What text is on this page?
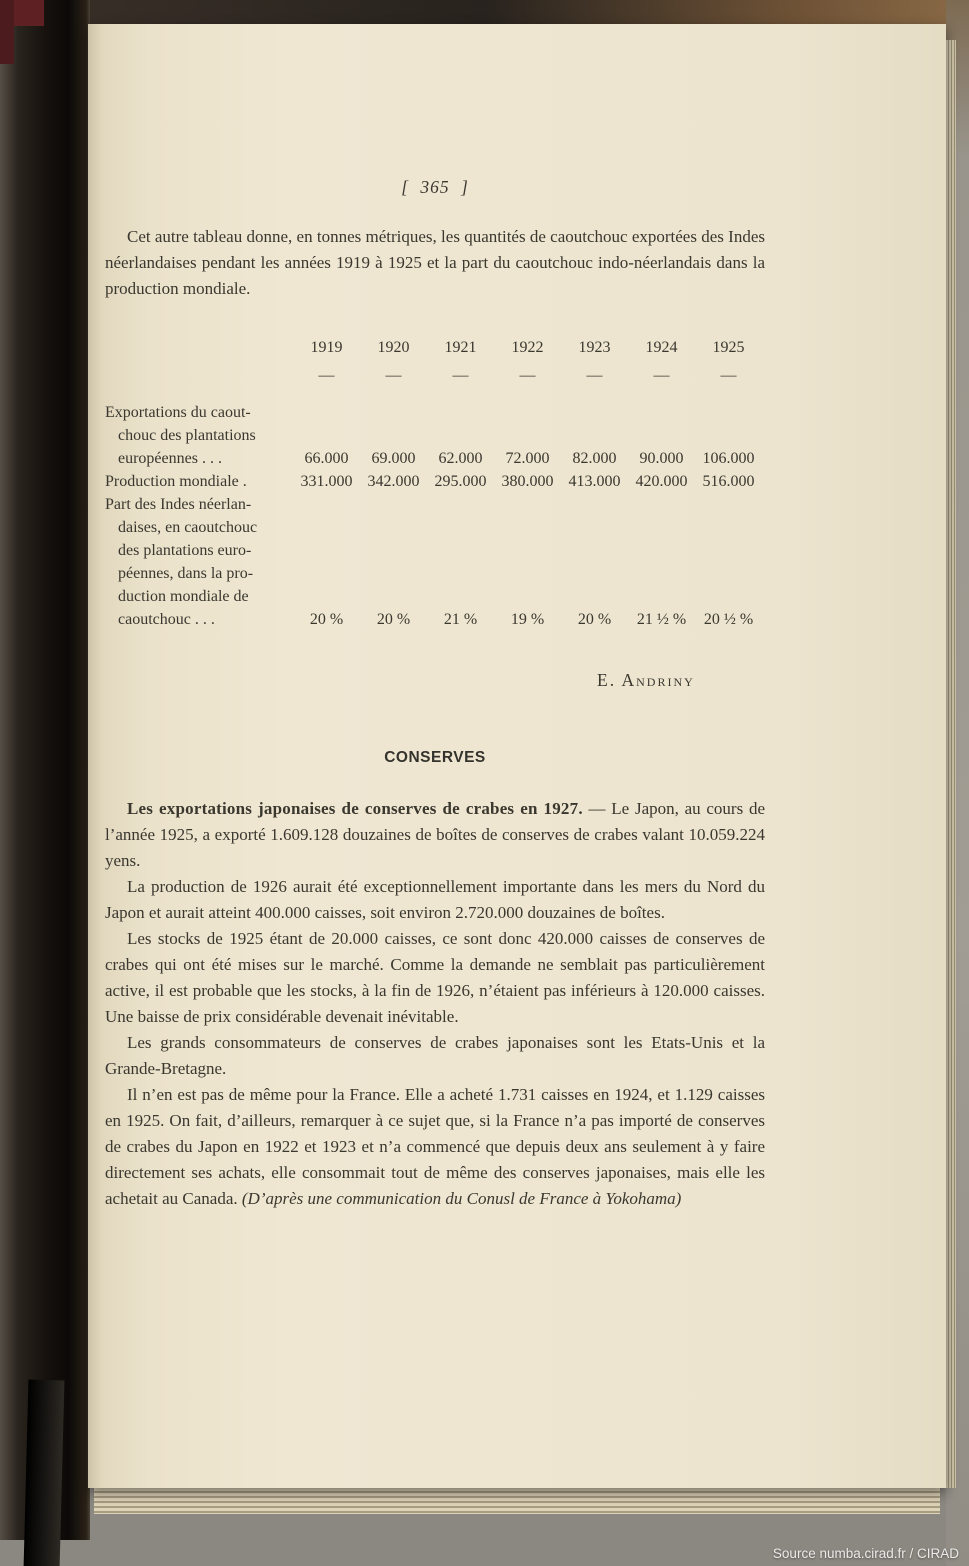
[ 365 ]

Cet autre tableau donne, en tonnes métriques, les quantités de caoutchouc exportées des Indes néerlandaises pendant les années 1919 à 1925 et la part du caoutchouc indo-néerlandais dans la production mondiale.

1919	1920	1921	1922	1923	1924	1925
—	—	—	—	—	—	—
Exportations du caout-
chouc des plantations
européennes . . .	66.000	69.000	62.000	72.000	82.000	90.000	106.000
Production mondiale .	331.000 342.000 295.000 380.000 413.000 420.000 516.000
Part des Indes néerlan-
daises, en caoutchouc
des plantations euro-
péennes, dans la pro-
duction mondiale de
caoutchouc . . .	20 %	20 %	21 %	19 %	20 %	21 ½ %	20 ½ %
E. Andriny
CONSERVES

Les exportations japonaises de conserves de crabes en 1927. — Le Japon, au cours de l’année 1925, a exporté 1.609.128 douzaines de boîtes de conserves de crabes valant 10.059.224 yens.

La production de 1926 aurait été exceptionnellement importante dans les mers du Nord du Japon et aurait atteint 400.000 caisses, soit environ 2.720.000 douzaines de boîtes.

Les stocks de 1925 étant de 20.000 caisses, ce sont donc 420.000 caisses de conserves de crabes qui ont été mises sur le marché. Comme la demande ne semblait pas particulièrement active, il est probable que les stocks, à la fin de 1926, n’étaient pas inférieurs à 120.000 caisses. Une baisse de prix considérable devenait inévitable.

Les grands consommateurs de conserves de crabes japonaises sont les Etats-Unis et la Grande-Bretagne.

Il n’en est pas de même pour la France. Elle a acheté 1.731 caisses en 1924, et 1.129 caisses en 1925. On fait, d’ailleurs, remarquer à ce sujet que, si la France n’a pas importé de conserves de crabes du Japon en 1922 et 1923 et n’a commencé que depuis deux ans seulement à y faire directement ses achats, elle consommait tout de même des conserves japonaises, mais elle les achetait au Canada. (D’après une communication du Conusl de France à Yokohama)

Source numba.cirad.fr / CIRAD
